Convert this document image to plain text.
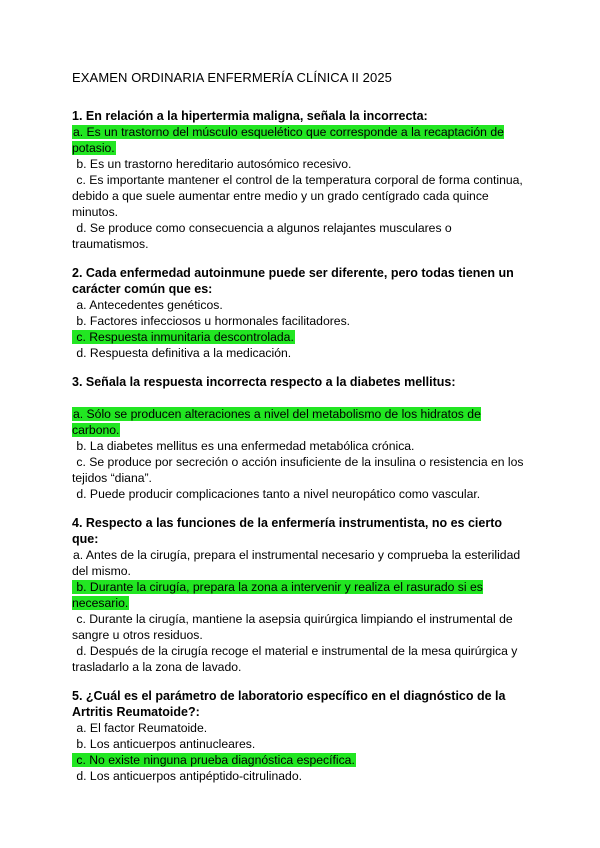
EXAMEN ORDINARIA ENFERMERÍA CLÍNICA II 2025
1. En relación a la hipertermia maligna, señala la incorrecta:
a. Es un trastorno del músculo esquelético que corresponde a la recaptación de potasio.
b. Es un trastorno hereditario autosómico recesivo.
c. Es importante mantener el control de la temperatura corporal de forma continua, debido a que suele aumentar entre medio y un grado centígrado cada quince minutos.
d. Se produce como consecuencia a algunos relajantes musculares o traumatismos.
2. Cada enfermedad autoinmune puede ser diferente, pero todas tienen un carácter común que es:
a. Antecedentes genéticos.
b. Factores infecciosos u hormonales facilitadores.
c. Respuesta inmunitaria descontrolada.
d. Respuesta definitiva a la medicación.
3. Señala la respuesta incorrecta respecto a la diabetes mellitus:
a. Sólo se producen alteraciones a nivel del metabolismo de los hidratos de carbono.
b. La diabetes mellitus es una enfermedad metabólica crónica.
c. Se produce por secreción o acción insuficiente de la insulina o resistencia en los tejidos “diana”.
d. Puede producir complicaciones tanto a nivel neuropático como vascular.
4. Respecto a las funciones de la enfermería instrumentista, no es cierto que:
a. Antes de la cirugía, prepara el instrumental necesario y comprueba la esterilidad del mismo.
b. Durante la cirugía, prepara la zona a intervenir y realiza el rasurado si es necesario.
c. Durante la cirugía, mantiene la asepsia quirúrgica limpiando el instrumental de sangre u otros residuos.
d. Después de la cirugía recoge el material e instrumental de la mesa quirúrgica y trasladarlo a la zona de lavado.
5. ¿Cuál es el parámetro de laboratorio específico en el diagnóstico de la Artritis Reumatoide?:
a. El factor Reumatoide.
b. Los anticuerpos antinucleares.
c. No existe ninguna prueba diagnóstica específica.
d. Los anticuerpos antipéptido-citrulinado.
